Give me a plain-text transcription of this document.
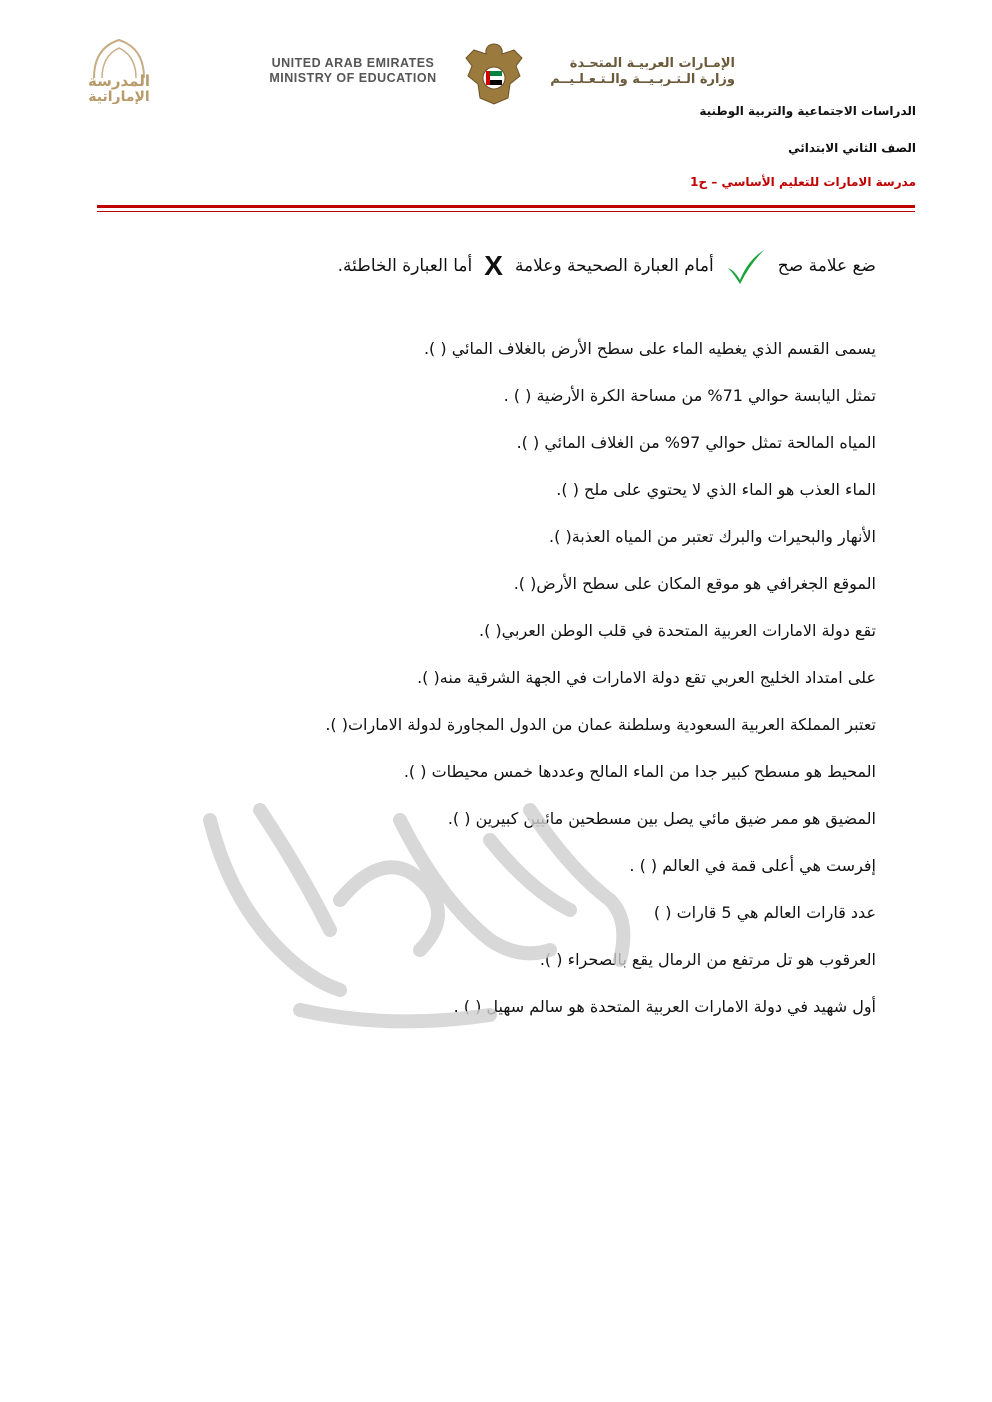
المدرسة
الإماراتية
UNITED ARAB EMIRATES
MINISTRY OF EDUCATION
الإمـارات العربيـة المتحـدة
وزارة الـتـربـيــة والـتـعـلـيــم
الدراسات الاجتماعية والتربية الوطنية
الصف الثاني الابتدائي
مدرسة الامارات للتعليم الأساسي – ح1
ضع علامة صح
أمام العبارة الصحيحة وعلامة
X
أما العبارة الخاطئة.
يسمى القسم الذي يغطيه الماء على سطح الأرض بالغلاف المائي ( ).
تمثل اليابسة حوالي 71% من مساحة الكرة الأرضية ( ) .
المياه المالحة تمثل حوالي 97% من الغلاف المائي ( ).
الماء العذب هو الماء الذي لا يحتوي على ملح ( ).
الأنهار والبحيرات والبرك تعتبر من المياه العذبة( ).
الموقع الجغرافي هو موقع المكان على سطح الأرض( ).
تقع دولة الامارات العربية المتحدة في قلب الوطن العربي( ).
على امتداد الخليج العربي تقع دولة الامارات في الجهة الشرقية منه( ).
تعتبر المملكة العربية السعودية وسلطنة عمان من الدول المجاورة لدولة الامارات( ).
المحيط هو مسطح كبير جدا من الماء المالح وعددها خمس محيطات ( ).
المضيق هو ممر ضيق مائي يصل بين مسطحين مائيين كبيرين ( ).
إفرست هي أعلى قمة في العالم ( ) .
عدد قارات العالم هي 5 قارات ( )
العرقوب هو تل مرتفع من الرمال يقع بالصحراء ( ).
أول شهيد في دولة الامارات العربية المتحدة هو سالم سهيل ( ) .
